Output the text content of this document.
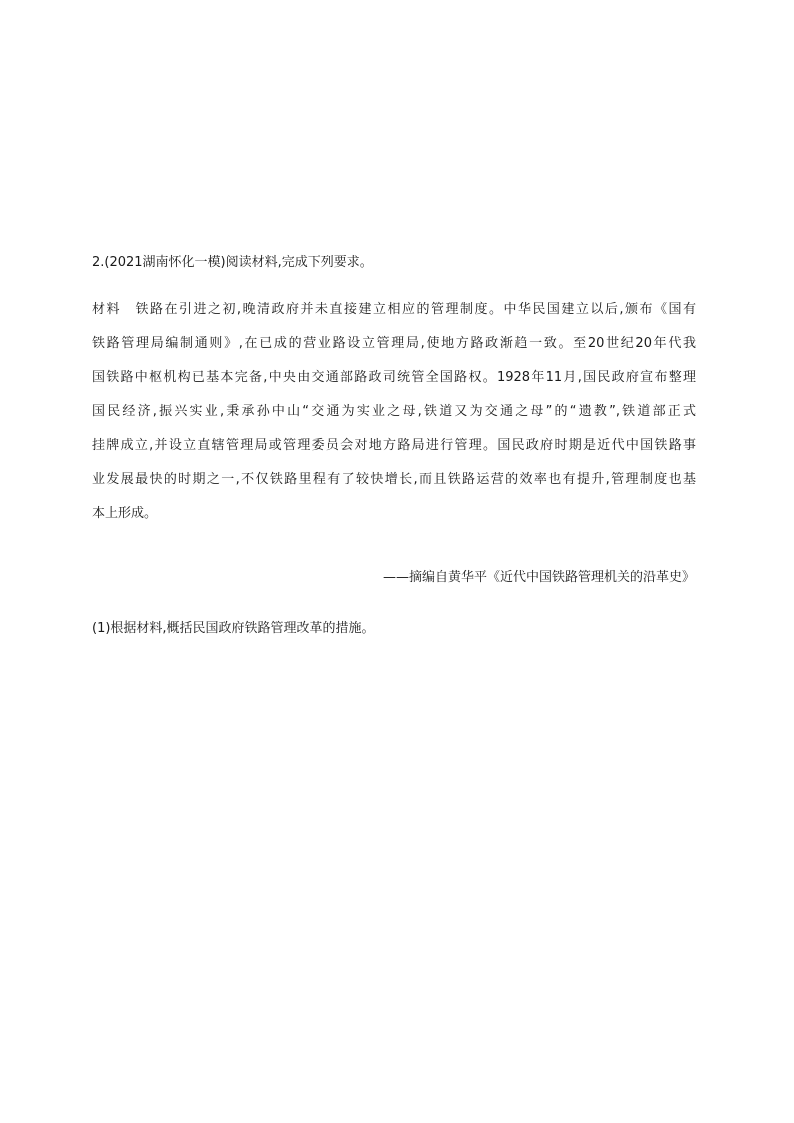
2.(2021湖南怀化一模)阅读材料,完成下列要求。
材料　铁路在引进之初,晚清政府并未直接建立相应的管理制度。中华民国建立以后,颁布《国有
铁路管理局编制通则》,在已成的营业路设立管理局,使地方路政渐趋一致。至20世纪20年代我
国铁路中枢机构已基本完备,中央由交通部路政司统管全国路权。1928年11月,国民政府宣布整理
国民经济,振兴实业,秉承孙中山“交通为实业之母,铁道又为交通之母”的“遗教”,铁道部正式
挂牌成立,并设立直辖管理局或管理委员会对地方路局进行管理。国民政府时期是近代中国铁路事
业发展最快的时期之一,不仅铁路里程有了较快增长,而且铁路运营的效率也有提升,管理制度也基
本上形成。
——摘编自黄华平《近代中国铁路管理机关的沿革史》
(1)根据材料,概括民国政府铁路管理改革的措施。
